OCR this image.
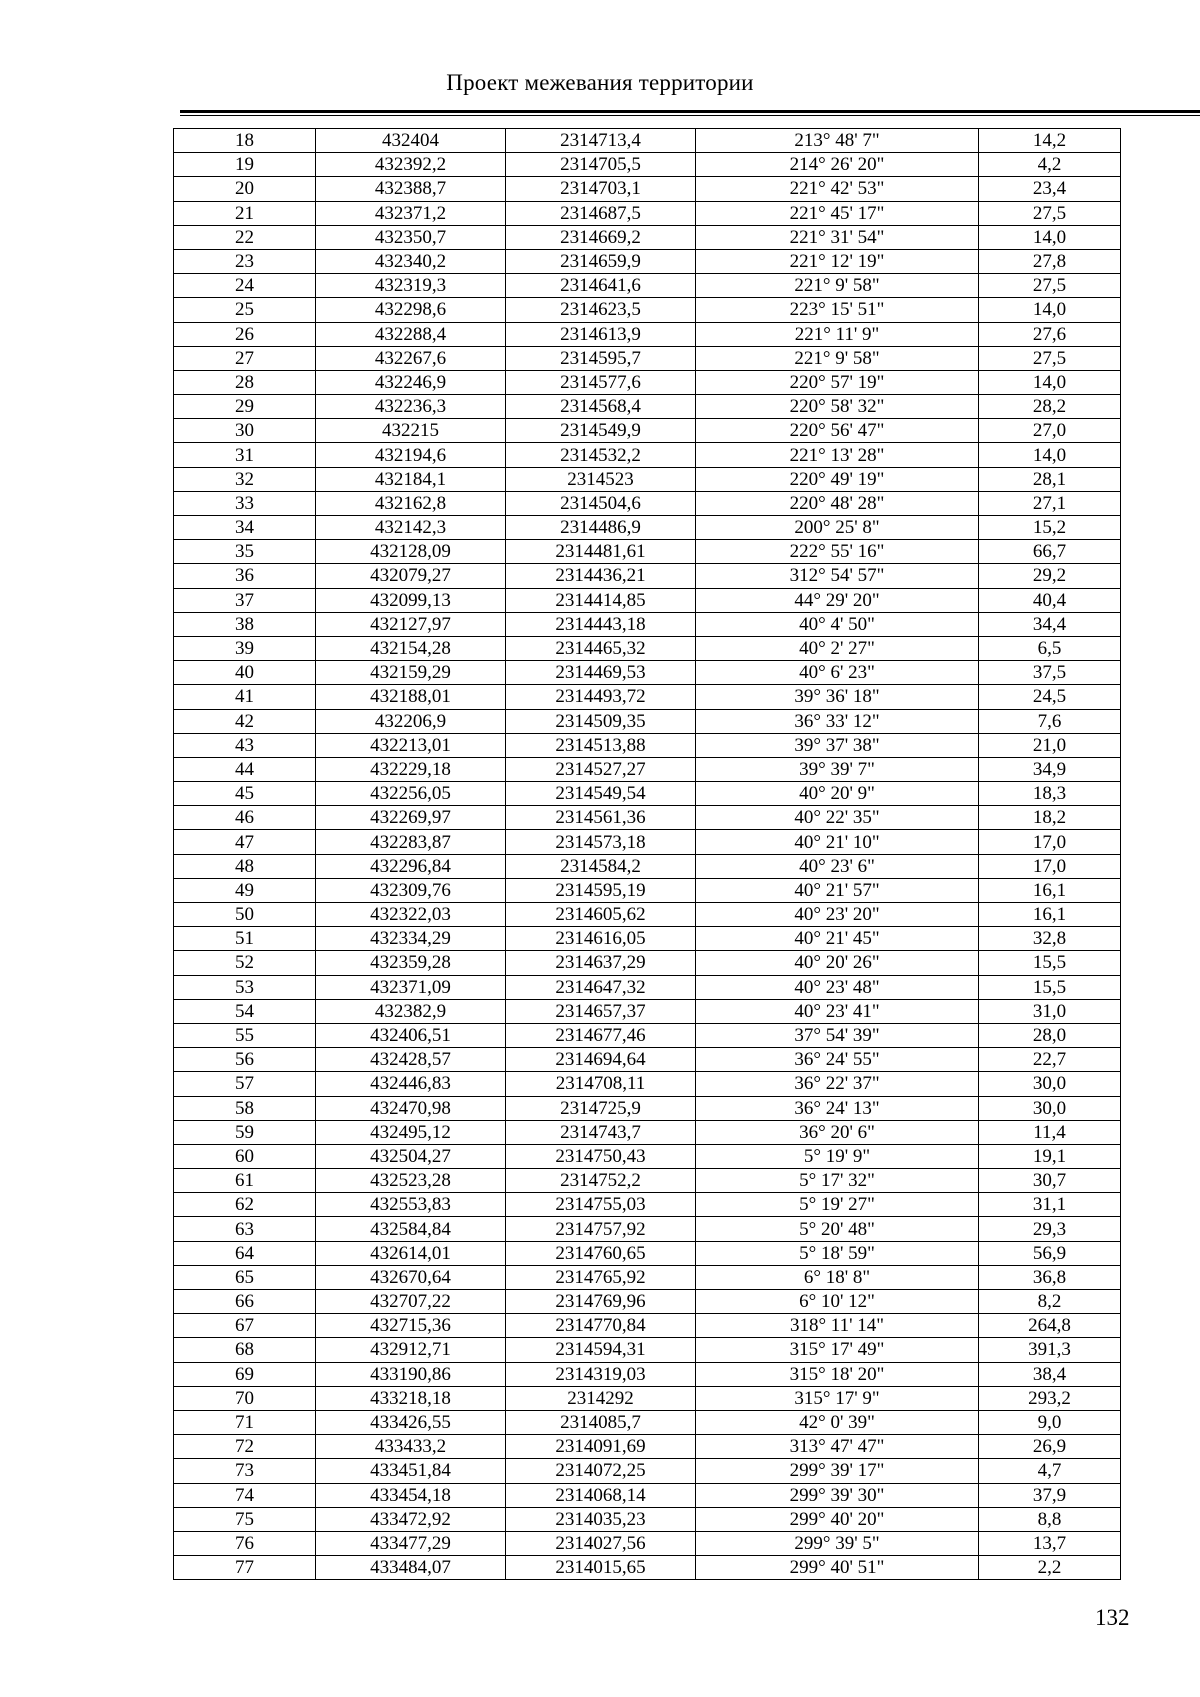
Проект межевания территории
18	432404	2314713,4	213° 48' 7"	14,2
19	432392,2	2314705,5	214° 26' 20"	4,2
20	432388,7	2314703,1	221° 42' 53"	23,4
21	432371,2	2314687,5	221° 45' 17"	27,5
22	432350,7	2314669,2	221° 31' 54"	14,0
23	432340,2	2314659,9	221° 12' 19"	27,8
24	432319,3	2314641,6	221° 9' 58"	27,5
25	432298,6	2314623,5	223° 15' 51"	14,0
26	432288,4	2314613,9	221° 11' 9"	27,6
27	432267,6	2314595,7	221° 9' 58"	27,5
28	432246,9	2314577,6	220° 57' 19"	14,0
29	432236,3	2314568,4	220° 58' 32"	28,2
30	432215	2314549,9	220° 56' 47"	27,0
31	432194,6	2314532,2	221° 13' 28"	14,0
32	432184,1	2314523	220° 49' 19"	28,1
33	432162,8	2314504,6	220° 48' 28"	27,1
34	432142,3	2314486,9	200° 25' 8"	15,2
35	432128,09	2314481,61	222° 55' 16"	66,7
36	432079,27	2314436,21	312° 54' 57"	29,2
37	432099,13	2314414,85	44° 29' 20"	40,4
38	432127,97	2314443,18	40° 4' 50"	34,4
39	432154,28	2314465,32	40° 2' 27"	6,5
40	432159,29	2314469,53	40° 6' 23"	37,5
41	432188,01	2314493,72	39° 36' 18"	24,5
42	432206,9	2314509,35	36° 33' 12"	7,6
43	432213,01	2314513,88	39° 37' 38"	21,0
44	432229,18	2314527,27	39° 39' 7"	34,9
45	432256,05	2314549,54	40° 20' 9"	18,3
46	432269,97	2314561,36	40° 22' 35"	18,2
47	432283,87	2314573,18	40° 21' 10"	17,0
48	432296,84	2314584,2	40° 23' 6"	17,0
49	432309,76	2314595,19	40° 21' 57"	16,1
50	432322,03	2314605,62	40° 23' 20"	16,1
51	432334,29	2314616,05	40° 21' 45"	32,8
52	432359,28	2314637,29	40° 20' 26"	15,5
53	432371,09	2314647,32	40° 23' 48"	15,5
54	432382,9	2314657,37	40° 23' 41"	31,0
55	432406,51	2314677,46	37° 54' 39"	28,0
56	432428,57	2314694,64	36° 24' 55"	22,7
57	432446,83	2314708,11	36° 22' 37"	30,0
58	432470,98	2314725,9	36° 24' 13"	30,0
59	432495,12	2314743,7	36° 20' 6"	11,4
60	432504,27	2314750,43	5° 19' 9"	19,1
61	432523,28	2314752,2	5° 17' 32"	30,7
62	432553,83	2314755,03	5° 19' 27"	31,1
63	432584,84	2314757,92	5° 20' 48"	29,3
64	432614,01	2314760,65	5° 18' 59"	56,9
65	432670,64	2314765,92	6° 18' 8"	36,8
66	432707,22	2314769,96	6° 10' 12"	8,2
67	432715,36	2314770,84	318° 11' 14"	264,8
68	432912,71	2314594,31	315° 17' 49"	391,3
69	433190,86	2314319,03	315° 18' 20"	38,4
70	433218,18	2314292	315° 17' 9"	293,2
71	433426,55	2314085,7	42° 0' 39"	9,0
72	433433,2	2314091,69	313° 47' 47"	26,9
73	433451,84	2314072,25	299° 39' 17"	4,7
74	433454,18	2314068,14	299° 39' 30"	37,9
75	433472,92	2314035,23	299° 40' 20"	8,8
76	433477,29	2314027,56	299° 39' 5"	13,7
77	433484,07	2314015,65	299° 40' 51"	2,2
132
